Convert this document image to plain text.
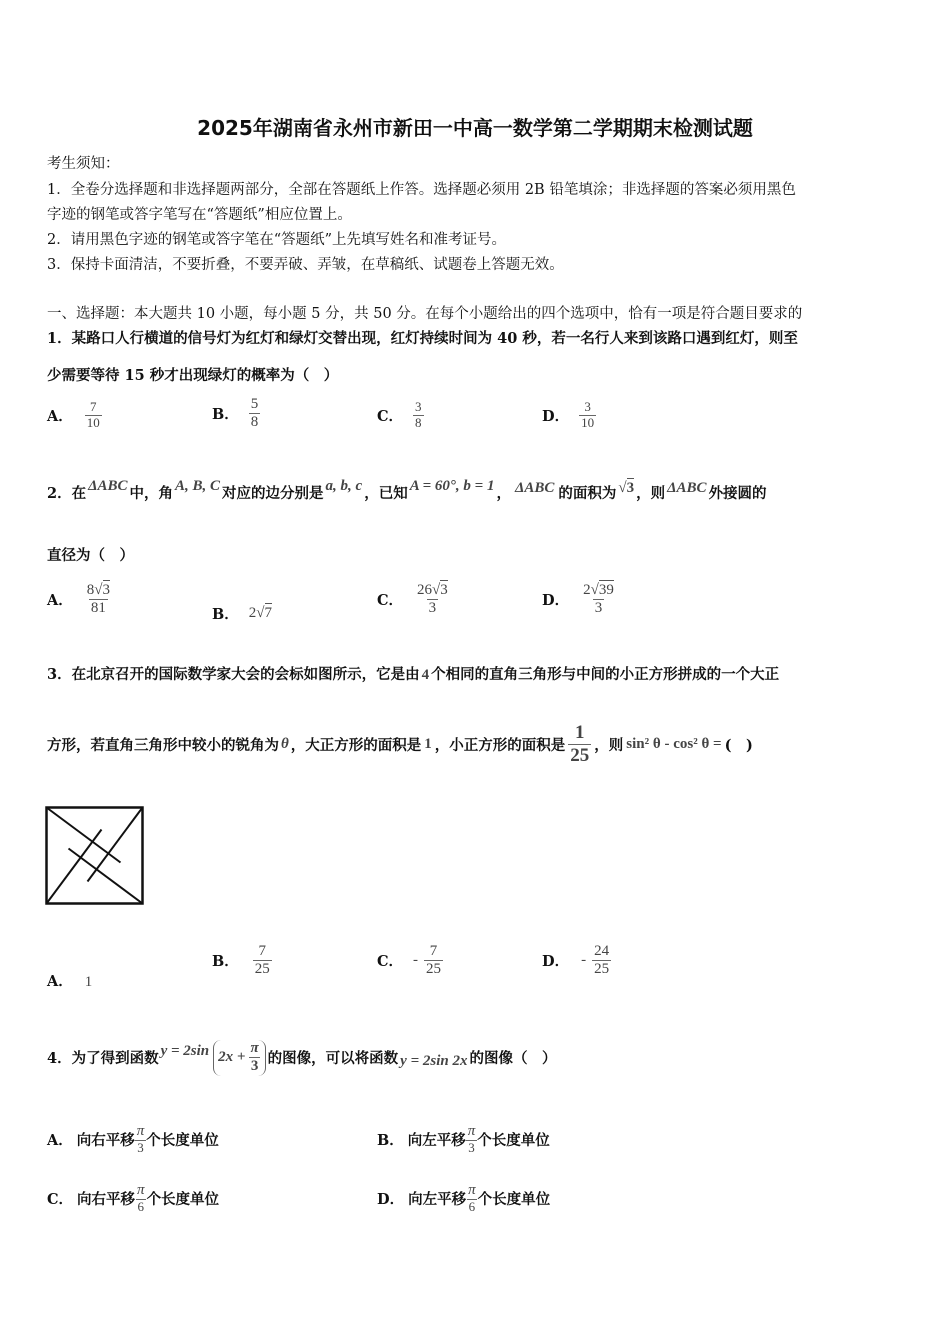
2025年湖南省永州市新田一中高一数学第二学期期末检测试题
考生须知：
1．全卷分选择题和非选择题两部分，全部在答题纸上作答。选择题必须用 2B 铅笔填涂；非选择题的答案必须用黑色
字迹的钢笔或答字笔写在“答题纸”相应位置上。
2．请用黑色字迹的钢笔或答字笔在“答题纸”上先填写姓名和准考证号。
3．保持卡面清洁，不要折叠，不要弄破、弄皱，在草稿纸、试题卷上答题无效。
一、选择题：本大题共 10 小题，每小题 5 分，共 50 分。在每个小题给出的四个选项中，恰有一项是符合题目要求的
1．某路口人行横道的信号灯为红灯和绿灯交替出现，红灯持续时间为 40 秒，若一名行人来到该路口遇到红灯，则至
少需要等待 15 秒才出现绿灯的概率为（　）
A． $\frac{7}{10}$	B． $\frac{5}{8}$	C． $\frac{3}{8}$	D． $\frac{3}{10}$
2．在 ΔABC 中，角 A, B, C 对应的边分别是 a, b, c ，已知 A = 60°, b = 1 ， ΔABC 的面积为 √3 ，则 ΔABC 外接圆的
直径为（　）
A． $\frac{8√3}{81}$	B． 2√7
C． $\frac{26√3}{3}$	D． $\frac{2√39}{3}$
3．在北京召开的国际数学家大会的会标如图所示，它是由 4 个相同的直角三角形与中间的小正方形拼成的一个大正
方形，若直角三角形中较小的锐角为 θ ，大正方形的面积是 1 ，小正方形的面积是 $\frac{1}{25}$ ，则 sin² θ - cos² θ = (　)
A． 1
B． $\frac{7}{25}$	C． - $\frac{7}{25}$	D． - $\frac{24}{25}$
4．为了得到函数 y = 2sin $2x + \frac{\pi}{3}$ 的图像，可以将函数 y = 2sin 2x 的图像（　）
A． 向右平移 $\frac{\pi}{3}$ 个长度单位	B． 向左平移 $\frac{\pi}{3}$ 个长度单位
C． 向右平移 $\frac{\pi}{6}$ 个长度单位	D． 向左平移 $\frac{\pi}{6}$ 个长度单位
